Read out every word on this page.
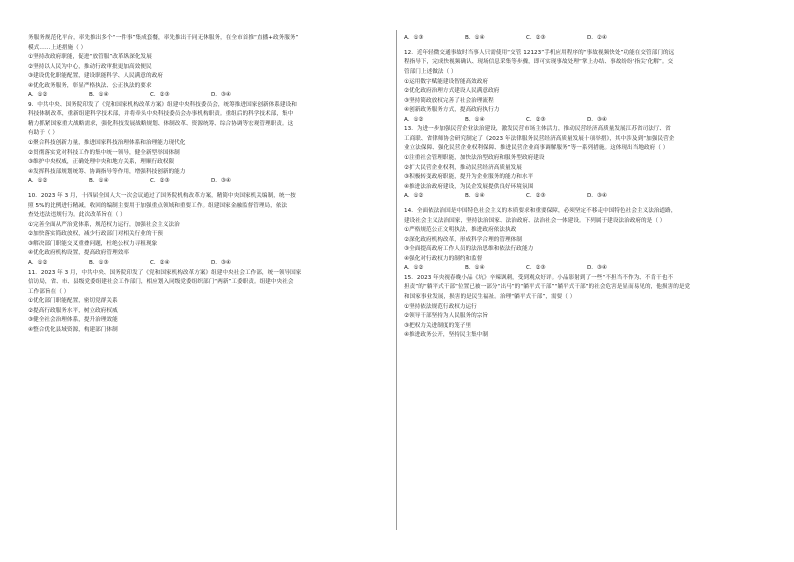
务服务规范化平台，率先推出多个“一件事”集成套餐，率先推出千同无休服务，在全市首推“直播+政务服务”
模式……上述措施（ ）
①坚持改政府职能，促进“放管服”改革纵深化发展
②坚持以人民为中心，推动行政审批更加高效便民
③建设优化职能配置，建设职能科学、人民满意的政府
④优化政务服务，彰显严格执法、公正执法的要求
A．①②	B．①④	C．②③	D．③④
9．中共中央、国务院印发了《党和国家机构改革方案》组建中央科技委员会，统筹推进国家创新体系建设和
科技体制改革，重新组建科学技术部，并将牵头中央科技委员会办事机构职责。重组后的科学技术部，集中
精力抓紧国家重大战略需求，强化科技发展战略规划、体制改革、资源统筹、综合协调等宏观管理职责。这
有助于（ ）
①聚合科技创新力量，推进国家科技治理体系和治理能力现代化
②贯彻落实党对科技工作的集中统一领导，健全新型举国体制
③维护中央权威，正确处理中央和地方关系，理顺行政权限
④发挥科技部规划统筹、协调指导等作用，增强科技创新的能力
A．①②	B．①④	C．②③	D．③④
10．2023 年 3 月，十四届全国人大一次会议通过了国务院机构改革方案，精简中央国家机关编制，统一按
照 5%的比例进行精减，收回的编制主要用于加强重点领域和重要工作。组建国家金融监督管理局，依法
查处违法违规行为。此次改革旨在（ ）
①完善全面从严治党体系，规范权力运行，加强社会主义法治
②加快落实简政放权，减少行政部门对相关行业的干预
③解决部门职能交叉重叠问题，杜绝公权力寻租现象
④优化政府机构设置，提高政府管理效率
A．①②	B．①③	C．②④	D．③④
11．2023 年 3 月，中共中央、国务院印发了《党和国家机构改革方案》组建中央社会工作部，统一领导国家
信访局，省、市、县级党委组建社会工作部门，相应划入同级党委组织部门“两新”工委职责。组建中央社会
工作部旨在（ ）
①优化部门职能配置，密切党群关系
②提高行政服务水平，树立政府权威
③健全社会治理体系，提升治理效能
④整合优化县域资源，构建部门体制
A．①③	B．①④	C．②③	D．②④
12．近年轻微交通事故时当事人只需使用“交管 12123”手机应用程序的“事故视频快处”功能在交管部门的远
程指导下，完成快视频确认、现场信息采集等步骤，即可实现事故处理“掌上办结、事故纷纷‘指尖’化解”。交
管部门上述做法（ ）
①运用数字赋能建设智能高效政府
②优化政府治理方式建设人民满意政府
③坚持简政放权完善了社会治理流程
④创新政务服务方式，提高政府执行力
A．①②	B．①④	C．②③	D．③④
13．为进一步加强民营企业法治建设，激发民营市场主体活力，推动民营经济高质量发展江苏省司法厅、省
工商联、省律师协会研究制定了《2023 年法律服务民营经济高质量发展十项举措》，其中涉及到“加强民营企
业立法保障、强化民营企业权利保障、推进民营企业商事调解服务”等一系列措施。这体现出当地政府（ ）
①注重社会管理职能，加快法治型政府和服务型政府建设
②扩大民营企业权利，推动民营经济高质量发展
③积极转变政府职能，提升为企业服务的能力和水平
④推进法治政府建设，为民企发展提供良好环境氛围
A．①②	B．①④	C．②③	D．③④
14．全面依法治国是中国特色社会主义的本质要求和重要保障，必须坚定不移走中国特色社会主义法治道路，
建设社会主义法治国家，坚持法治国家、法治政府、法治社会一体建设。下列属于建设法治政府的是（ ）
①严格规范公正文明执法，推进政府依法执政
②深化政府机构改革，形成科学合理的管理体制
③全面提高政府工作人员的法治思维和依法行政能力
④强化对行政权力的制约和监督
A．①②	B．①④	C．②③	D．③④
15．2023 年央视春晚小品《坑》辛辣讽刺，受到观众好评。小品影射到了一些“不担当不作为、不肯干也不
担责”的“躺平式干部”位置已被一部分“出马”的“躺平式干部”“躺平式干部”的社会危害是显而易见的，他损害的是党
和国家事业发展，损害的是民生福祉。治理“躺平式干部”，需要（ ）
①坚持依法规范行政权力运行
②领导干部坚持为人民服务的宗旨
③把权力关进制度的笼子里
④推进政务公开，坚持民主集中制
